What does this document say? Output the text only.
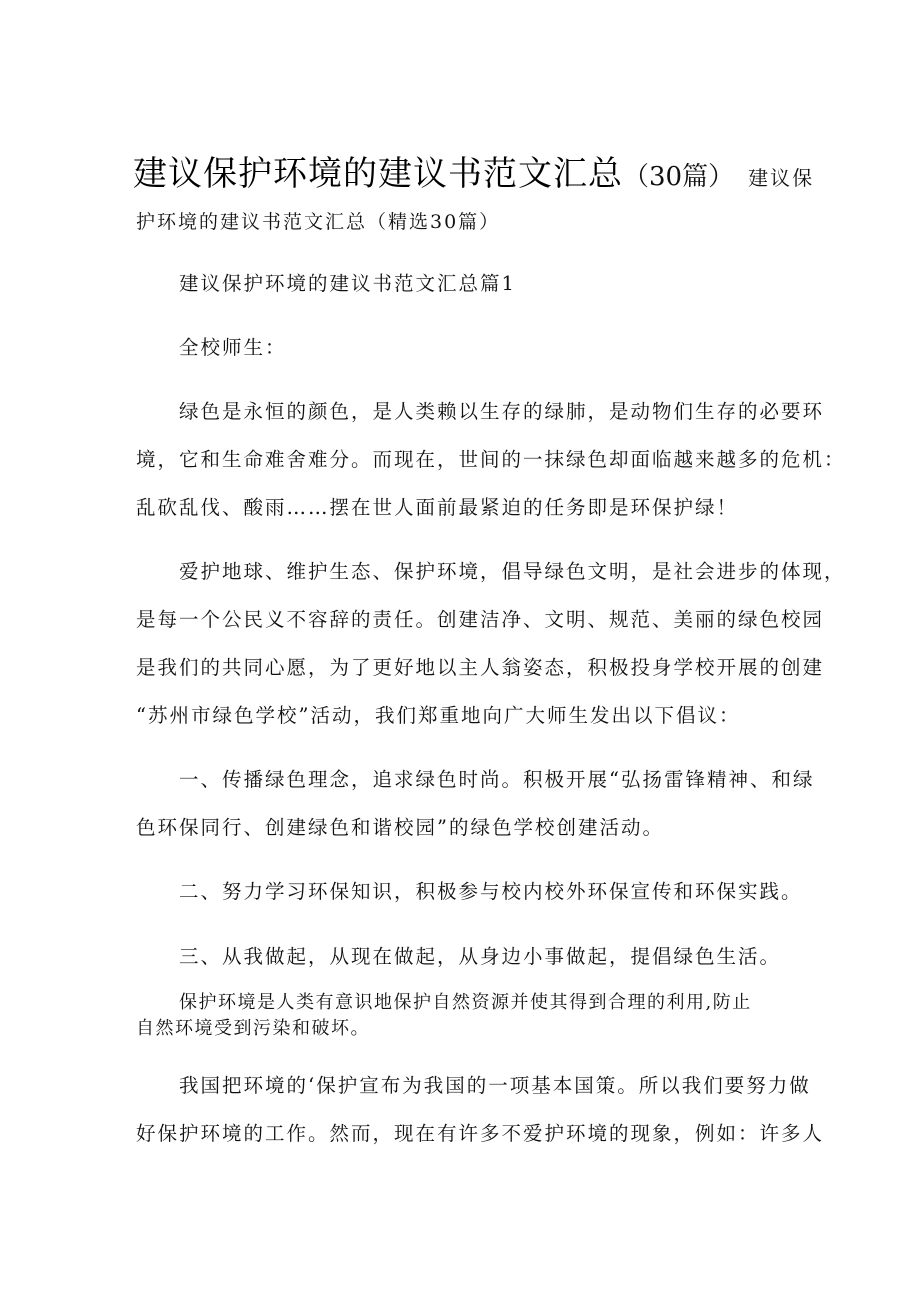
建议保护环境的建议书范文汇总（30篇） 建议保
护环境的建议书范文汇总（精选30篇）
建议保护环境的建议书范文汇总篇1
全校师生：
绿色是永恒的颜色，是人类赖以生存的绿肺，是动物们生存的必要环
境，它和生命难舍难分。而现在，世间的一抹绿色却面临越来越多的危机：
乱砍乱伐、酸雨……摆在世人面前最紧迫的任务即是环保护绿！
爱护地球、维护生态、保护环境，倡导绿色文明，是社会进步的体现，
是每一个公民义不容辞的责任。创建洁净、文明、规范、美丽的绿色校园
是我们的共同心愿，为了更好地以主人翁姿态，积极投身学校开展的创建
“苏州市绿色学校”活动，我们郑重地向广大师生发出以下倡议：
一、传播绿色理念，追求绿色时尚。积极开展“弘扬雷锋精神、和绿
色环保同行、创建绿色和谐校园”的绿色学校创建活动。
二、努力学习环保知识，积极参与校内校外环保宣传和环保实践。
三、从我做起，从现在做起，从身边小事做起，提倡绿色生活。
保护环境是人类有意识地保护自然资源并使其得到合理的利用,防止
自然环境受到污染和破坏。
我国把环境的‘保护宣布为我国的一项基本国策。所以我们要努力做
好保护环境的工作。然而，现在有许多不爱护环境的现象，例如：许多人
